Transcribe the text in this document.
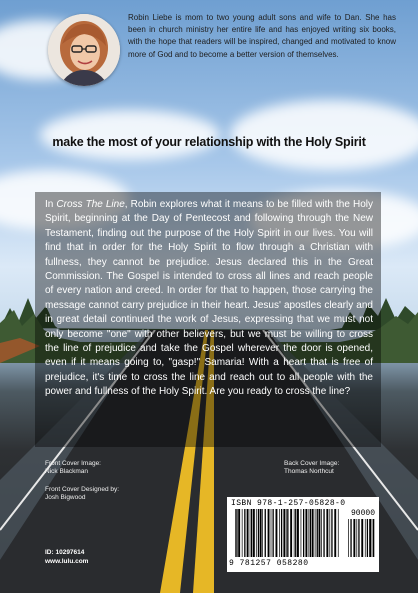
Robin Liebe is mom to two young adult sons and wife to Dan. She has been in church ministry her entire life and has enjoyed writing six books, with the hope that readers will be inspired, changed and motivated to know more of God and to become a better version of themselves.

make the most of your relationship with the Holy Spirit

In Cross The Line, Robin explores what it means to be filled with the Holy Spirit, beginning at the Day of Pentecost and following through the New Testament, finding out the purpose of the Holy Spirit in our lives. You will find that in order for the Holy Spirit to flow through a Christian with fullness, they cannot be prejudice. Jesus declared this in the Great Commission. The Gospel is intended to cross all lines and reach people of every nation and creed. In order for that to happen, those carrying the message cannot carry prejudice in their heart. Jesus' apostles clearly and in great detail continued the work of Jesus, expressing that we must not only become "one" with other believers, but we must be willing to cross the line of prejudice and take the Gospel wherever the door is opened, even if it means going to, "gasp!" Samaria! With a heart that is free of prejudice, it's time to cross the line and reach out to all people with the power and fullness of the Holy Spirit. Are you ready to cross the line?

Front Cover Image:
Nick Blackman

Back Cover Image:
Thomas Northcut

Front Cover Designed by:
Josh Bigwood

ISBN 978-1-257-05828-0

90000

9 781257 058280

ID: 10297614

www.lulu.com
